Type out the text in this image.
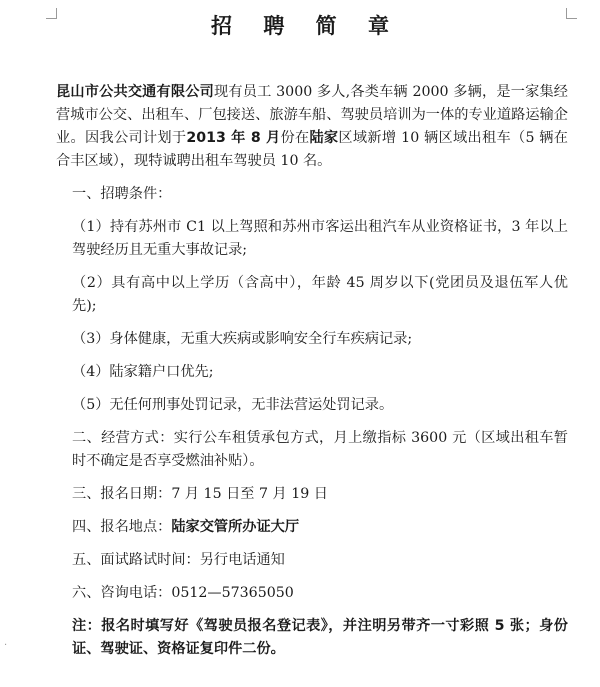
招 聘 简 章

昆山市公共交通有限公司现有员工 3000 多人,各类车辆 2000 多辆，是一家集经营城市公交、出租车、厂包接送、旅游车船、驾驶员培训为一体的专业道路运输企业。因我公司计划于2013 年 8 月份在陆家区域新增 10 辆区域出租车（5 辆在合丰区域），现特诚聘出租车驾驶员 10 名。

一、招聘条件：

（1）持有苏州市 C1 以上驾照和苏州市客运出租汽车从业资格证书，3 年以上驾驶经历且无重大事故记录;

（2）具有高中以上学历（含高中），年龄 45 周岁以下(党团员及退伍军人优先);

（3）身体健康，无重大疾病或影响安全行车疾病记录;

（4）陆家籍户口优先;

（5）无任何刑事处罚记录，无非法营运处罚记录。

二、经营方式：实行公车租赁承包方式，月上缴指标 3600 元（区域出租车暂时不确定是否享受燃油补贴）。

三、报名日期：7 月 15 日至 7 月 19 日

四、报名地点：陆家交管所办证大厅

五、面试路试时间：另行电话通知

六、咨询电话：0512—57365050

注：报名时填写好《驾驶员报名登记表》，并注明另带齐一寸彩照 5 张；身份证、驾驶证、资格证复印件二份。

·
